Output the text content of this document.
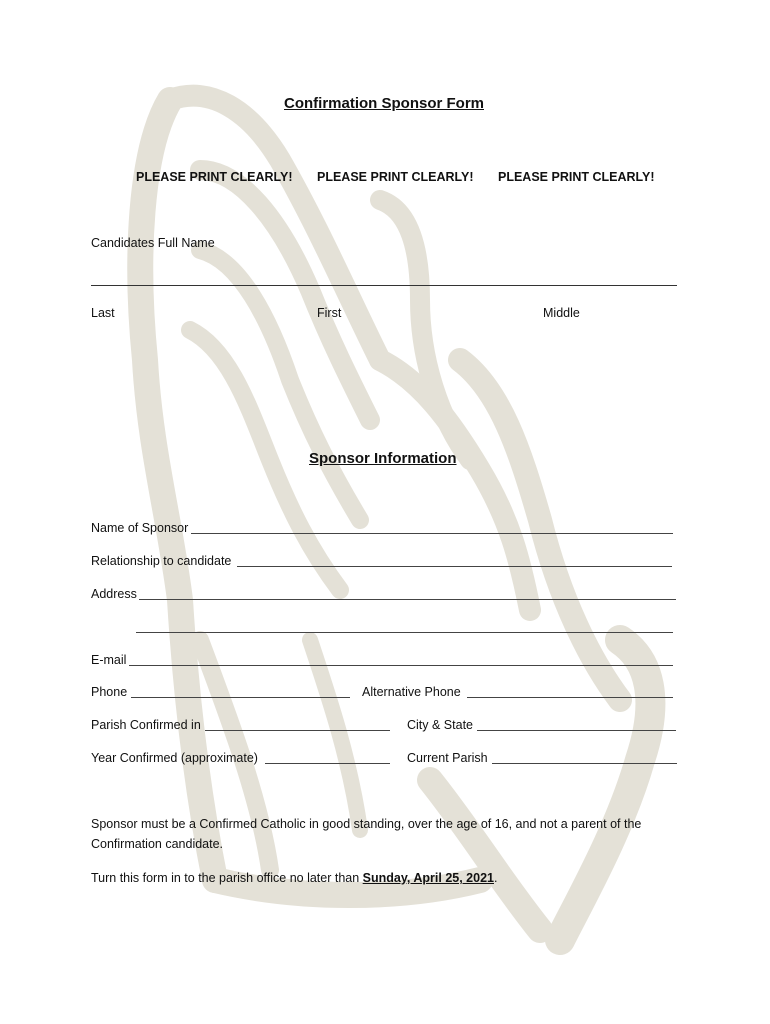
Confirmation Sponsor Form
PLEASE PRINT CLEARLY! PLEASE PRINT CLEARLY! PLEASE PRINT CLEARLY!
Candidates Full Name
Last	First	Middle
Sponsor Information
Name of Sponsor
Relationship to candidate
Address
E-mail
Phone	Alternative Phone
Parish Confirmed in	City & State
Year Confirmed (approximate)	Current Parish
Sponsor must be a Confirmed Catholic in good standing, over the age of 16, and not a parent of the
Confirmation candidate.
Turn this form in to the parish office no later than Sunday, April 25, 2021.
